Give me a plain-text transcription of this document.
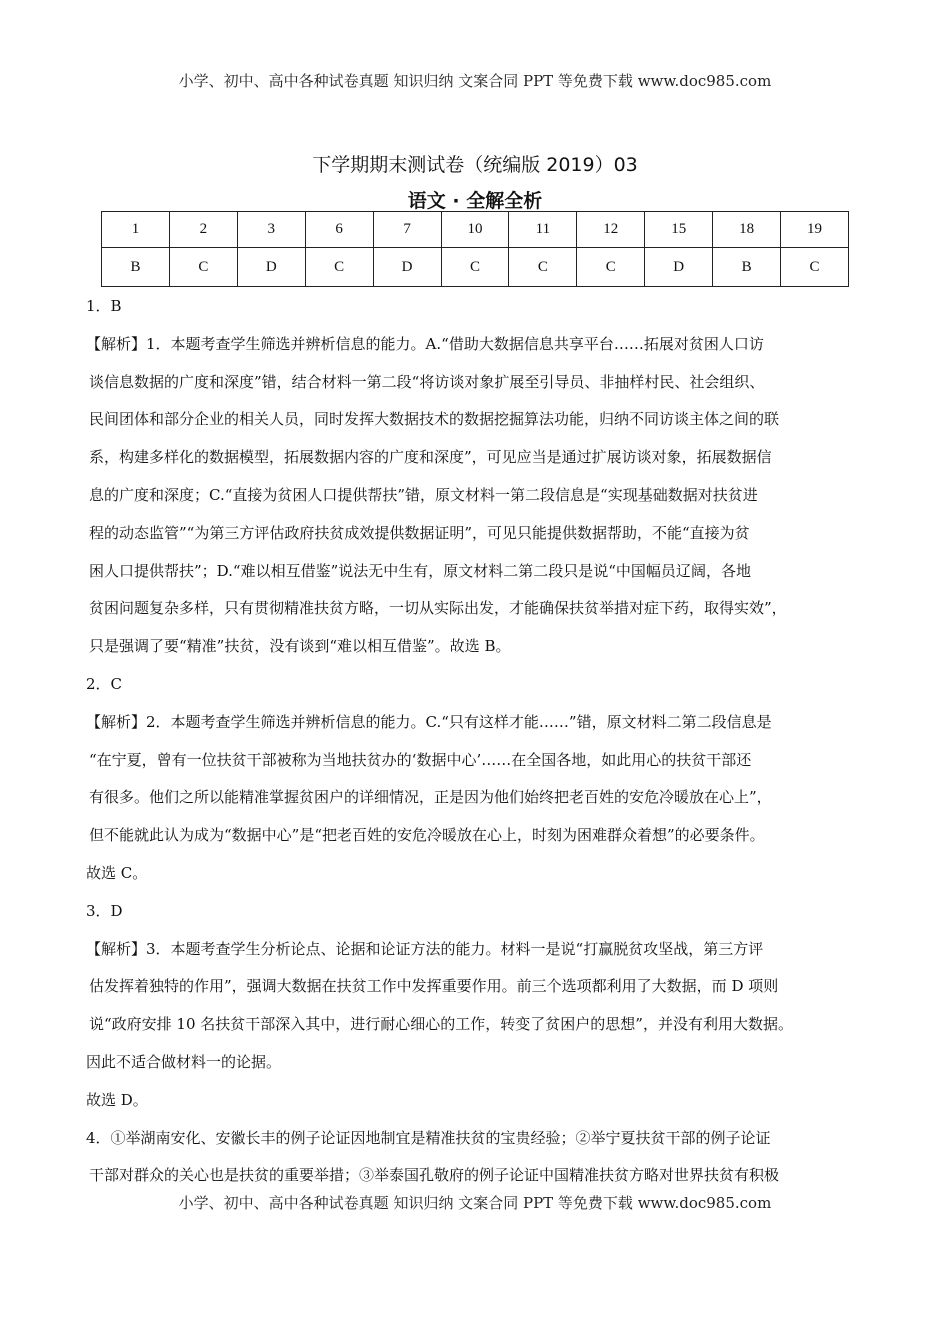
小学、初中、高中各种试卷真题 知识归纳 文案合同 PPT 等免费下载 www.doc985.com
下学期期末测试卷（统编版 2019）03
语文 · 全解全析
1	2	3	6	7	10	11	12	15	18	19
B	C	D	C	D	C	C	C	D	B	C
1．B
【解析】1．本题考查学生筛选并辨析信息的能力。A.“借助大数据信息共享平台……拓展对贫困人口访
谈信息数据的广度和深度”错，结合材料一第二段“将访谈对象扩展至引导员、非抽样村民、社会组织、
民间团体和部分企业的相关人员，同时发挥大数据技术的数据挖掘算法功能，归纳不同访谈主体之间的联
系，构建多样化的数据模型，拓展数据内容的广度和深度”，可见应当是通过扩展访谈对象，拓展数据信
息的广度和深度；C.“直接为贫困人口提供帮扶”错，原文材料一第二段信息是“实现基础数据对扶贫进
程的动态监管”“为第三方评估政府扶贫成效提供数据证明”，可见只能提供数据帮助，不能“直接为贫
困人口提供帮扶”；D.“难以相互借鉴”说法无中生有，原文材料二第二段只是说“中国幅员辽阔，各地
贫困问题复杂多样，只有贯彻精准扶贫方略，一切从实际出发，才能确保扶贫举措对症下药，取得实效”，
只是强调了要“精准”扶贫，没有谈到“难以相互借鉴”。故选 B。
2．C
【解析】2．本题考查学生筛选并辨析信息的能力。C.“只有这样才能……”错，原文材料二第二段信息是
“在宁夏，曾有一位扶贫干部被称为当地扶贫办的‘数据中心’……在全国各地，如此用心的扶贫干部还
有很多。他们之所以能精准掌握贫困户的详细情况，正是因为他们始终把老百姓的安危冷暖放在心上”，
但不能就此认为成为“数据中心”是“把老百姓的安危冷暖放在心上，时刻为困难群众着想”的必要条件。
故选 C。
3．D
【解析】3．本题考查学生分析论点、论据和论证方法的能力。材料一是说“打赢脱贫攻坚战，第三方评
估发挥着独特的作用”，强调大数据在扶贫工作中发挥重要作用。前三个选项都利用了大数据，而 D 项则
说“政府安排 10 名扶贫干部深入其中，进行耐心细心的工作，转变了贫困户的思想”，并没有利用大数据。
因此不适合做材料一的论据。
故选 D。
4．①举湖南安化、安徽长丰的例子论证因地制宜是精准扶贫的宝贵经验；②举宁夏扶贫干部的例子论证
干部对群众的关心也是扶贫的重要举措；③举泰国孔敬府的例子论证中国精准扶贫方略对世界扶贫有积极
小学、初中、高中各种试卷真题 知识归纳 文案合同 PPT 等免费下载 www.doc985.com
